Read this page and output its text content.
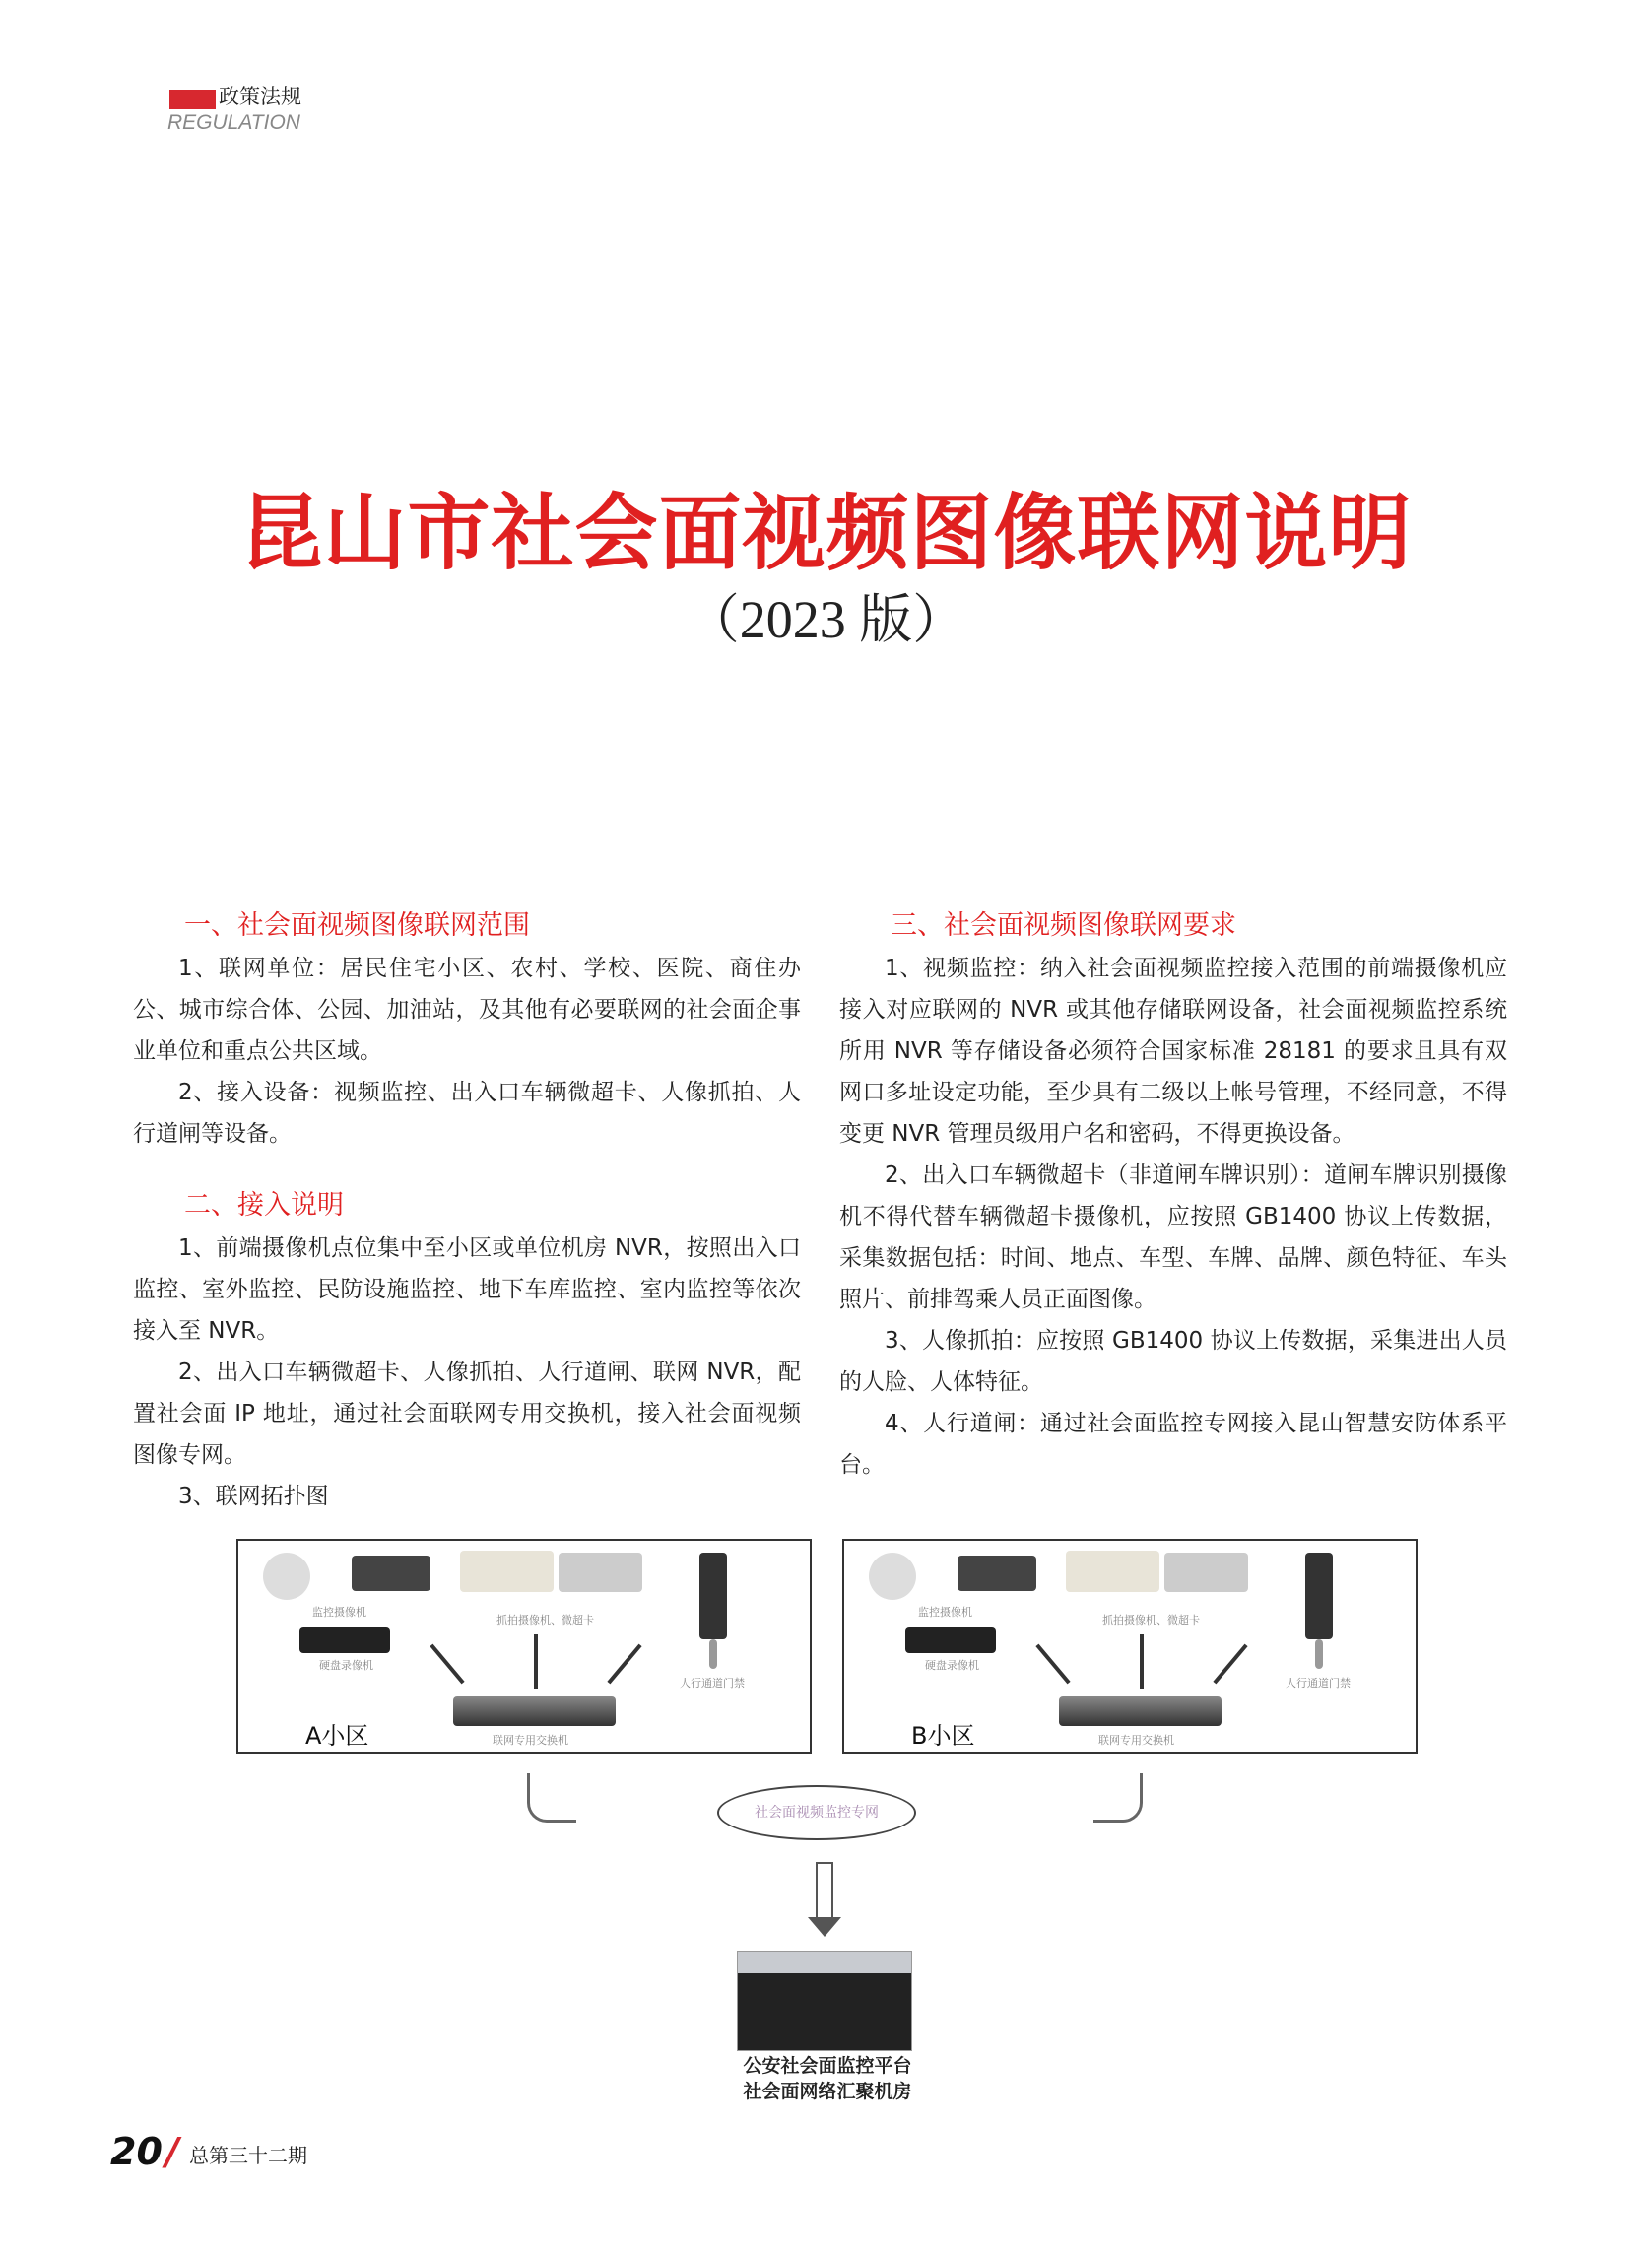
政策法规
REGULATION
昆山市社会面视频图像联网说明
（2023 版）
一、社会面视频图像联网范围

1、联网单位：居民住宅小区、农村、学校、医院、商住办公、城市综合体、公园、加油站，及其他有必要联网的社会面企事业单位和重点公共区域。

2、接入设备：视频监控、出入口车辆微超卡、人像抓拍、人行道闸等设备。

二、接入说明

1、前端摄像机点位集中至小区或单位机房 NVR，按照出入口监控、室外监控、民防设施监控、地下车库监控、室内监控等依次接入至 NVR。

2、出入口车辆微超卡、人像抓拍、人行道闸、联网 NVR，配置社会面 IP 地址，通过社会面联网专用交换机，接入社会面视频图像专网。

3、联网拓扑图

三、社会面视频图像联网要求

1、视频监控：纳入社会面视频监控接入范围的前端摄像机应接入对应联网的 NVR 或其他存储联网设备，社会面视频监控系统所用 NVR 等存储设备必须符合国家标准 28181 的要求且具有双网口多址设定功能，至少具有二级以上帐号管理，不经同意，不得变更 NVR 管理员级用户名和密码，不得更换设备。

2、出入口车辆微超卡（非道闸车牌识别）：道闸车牌识别摄像机不得代替车辆微超卡摄像机，应按照 GB1400 协议上传数据，采集数据包括：时间、地点、车型、车牌、品牌、颜色特征、车头照片、前排驾乘人员正面图像。

3、人像抓拍：应按照 GB1400 协议上传数据，采集进出人员的人脸、人体特征。

4、人行道闸：通过社会面监控专网接入昆山智慧安防体系平台。

监控摄像机
硬盘录像机
抓拍摄像机、微超卡
人行通道门禁
联网专用交换机
A小区
监控摄像机
硬盘录像机
抓拍摄像机、微超卡
人行通道门禁
联网专用交换机
B小区
社会面视频监控专网
公安社会面监控平台
社会面网络汇聚机房
20 / 总第三十二期
